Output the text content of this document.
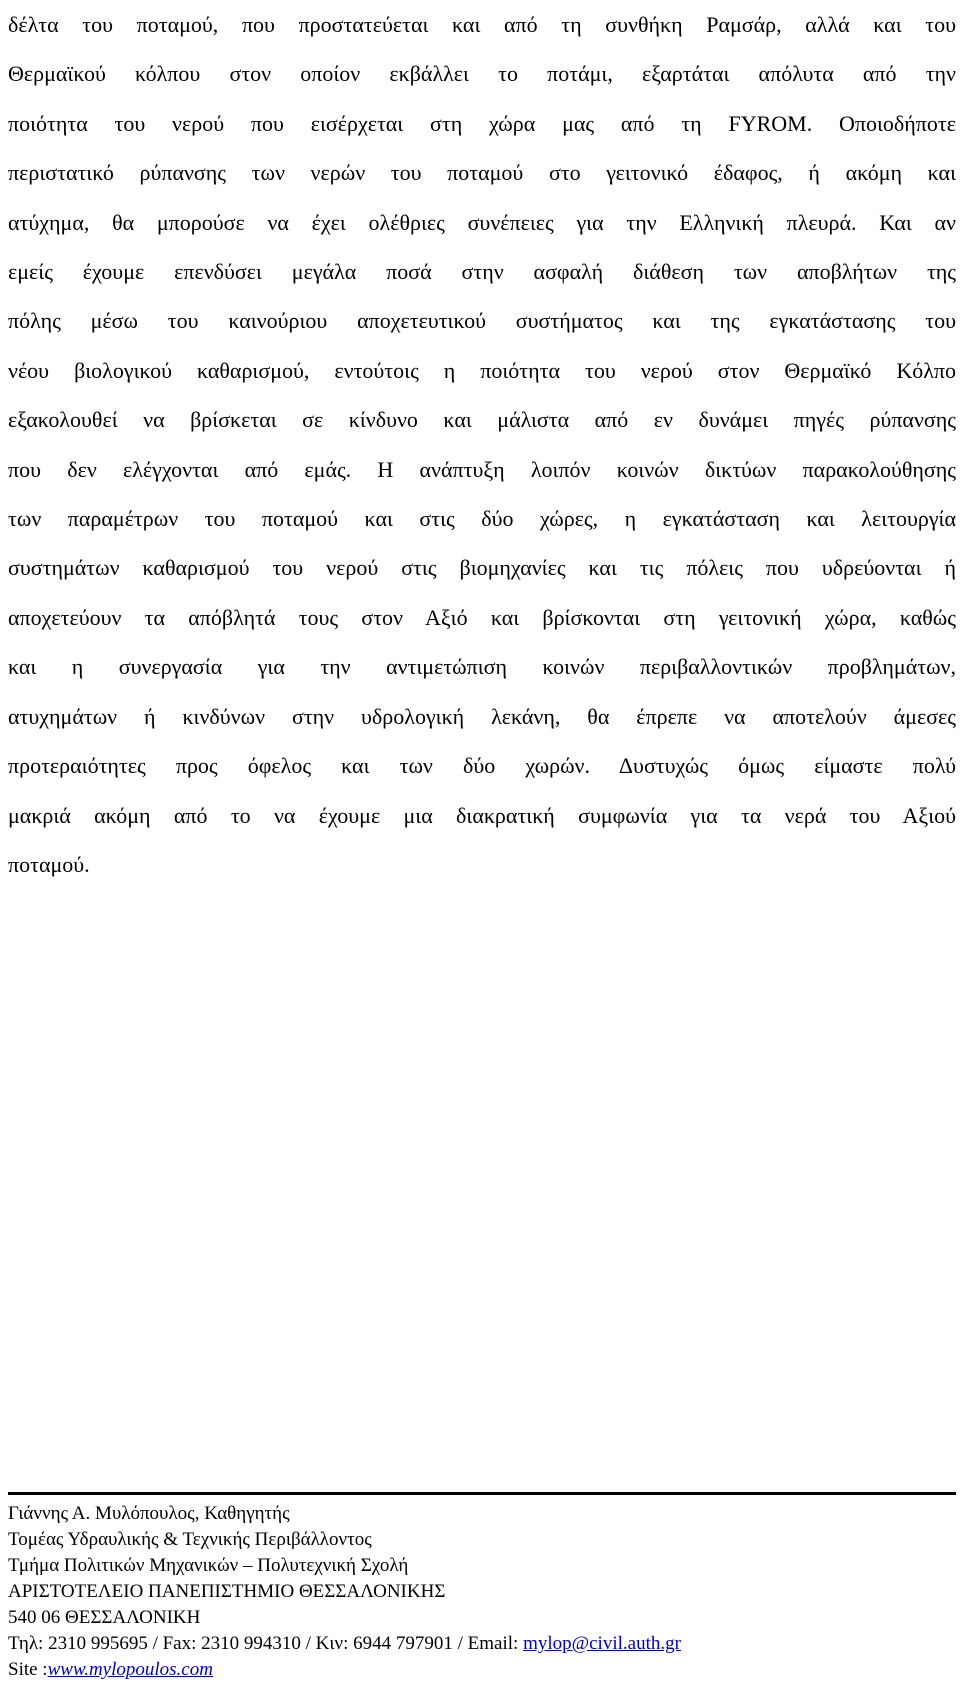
δέλτα του ποταμού, που προστατεύεται και από τη συνθήκη Ραμσάρ, αλλά και του
Θερμαϊκού κόλπου στον οποίον εκβάλλει το ποτάμι, εξαρτάται απόλυτα από την
ποιότητα του νερού που εισέρχεται στη χώρα μας από τη FYROM. Οποιοδήποτε
περιστατικό ρύπανσης των νερών του ποταμού στο γειτονικό έδαφος, ή ακόμη και
ατύχημα, θα μπορούσε να έχει ολέθριες συνέπειες για την Ελληνική πλευρά. Και αν
εμείς έχουμε επενδύσει μεγάλα ποσά στην ασφαλή διάθεση των αποβλήτων της
πόλης μέσω του καινούριου αποχετευτικού συστήματος και της εγκατάστασης του
νέου βιολογικού καθαρισμού, εντούτοις η ποιότητα του νερού στον Θερμαϊκό Κόλπο
εξακολουθεί να βρίσκεται σε κίνδυνο και μάλιστα από εν δυνάμει πηγές ρύπανσης
που δεν ελέγχονται από εμάς. Η ανάπτυξη λοιπόν κοινών δικτύων παρακολούθησης
των παραμέτρων του ποταμού και στις δύο χώρες, η εγκατάσταση και λειτουργία
συστημάτων καθαρισμού του νερού στις βιομηχανίες και τις πόλεις που υδρεύονται ή
αποχετεύουν τα απόβλητά τους στον Αξιό και βρίσκονται στη γειτονική χώρα, καθώς
και η συνεργασία για την αντιμετώπιση κοινών περιβαλλοντικών προβλημάτων,
ατυχημάτων ή κινδύνων στην υδρολογική λεκάνη, θα έπρεπε να αποτελούν άμεσες
προτεραιότητες προς όφελος και των δύο χωρών. Δυστυχώς όμως είμαστε πολύ
μακριά ακόμη από το να έχουμε μια διακρατική συμφωνία για τα νερά του Αξιού
ποταμού.
Γιάννης Α. Μυλόπουλος, Καθηγητής
Τομέας Υδραυλικής & Τεχνικής Περιβάλλοντος
Τμήμα Πολιτικών Μηχανικών – Πολυτεχνική Σχολή
ΑΡΙΣΤΟΤΕΛΕΙΟ ΠΑΝΕΠΙΣΤΗΜΙΟ ΘΕΣΣΑΛΟΝΙΚΗΣ
540 06 ΘΕΣΣΑΛΟΝΙΚΗ
Τηλ: 2310 995695 / Fax: 2310 994310 / Κιν: 6944 797901 / Email: mylop@civil.auth.gr
Site :www.mylopoulos.com
